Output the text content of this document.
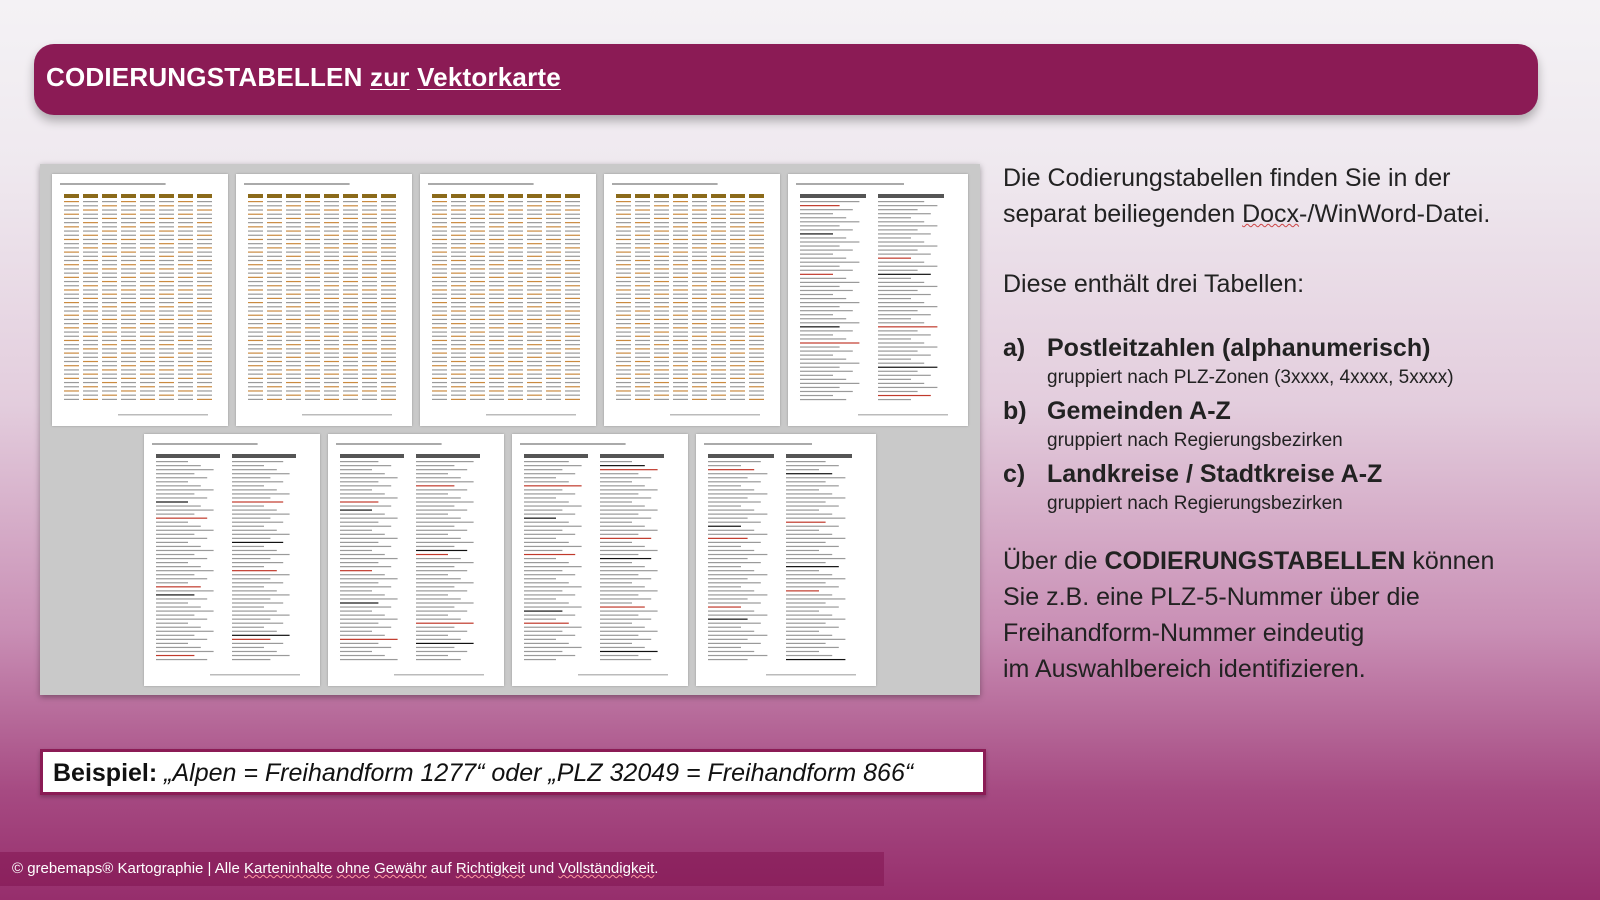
CODIERUNGSTABELLEN zur Vektorkarte

Die Codierungstabellen finden Sie in der
separat beiliegenden Docx-/WinWord-Datei.

Diese enthält drei Tabellen:

a) Postleitzahlen (alphanumerisch)
gruppiert nach PLZ-Zonen (3xxxx, 4xxxx, 5xxxx)
b) Gemeinden A-Z
gruppiert nach Regierungsbezirken
c) Landkreise / Stadtkreise A-Z
gruppiert nach Regierungsbezirken

Über die CODIERUNGSTABELLEN können
Sie z.B. eine PLZ-5-Nummer über die
Freihandform-Nummer eindeutig
im Auswahlbereich identifizieren.

Beispiel: „Alpen = Freihandform 1277“ oder „PLZ 32049 = Freihandform 866“
© grebemaps® Kartographie | Alle Karteninhalte ohne Gewähr auf Richtigkeit und Vollständigkeit.
